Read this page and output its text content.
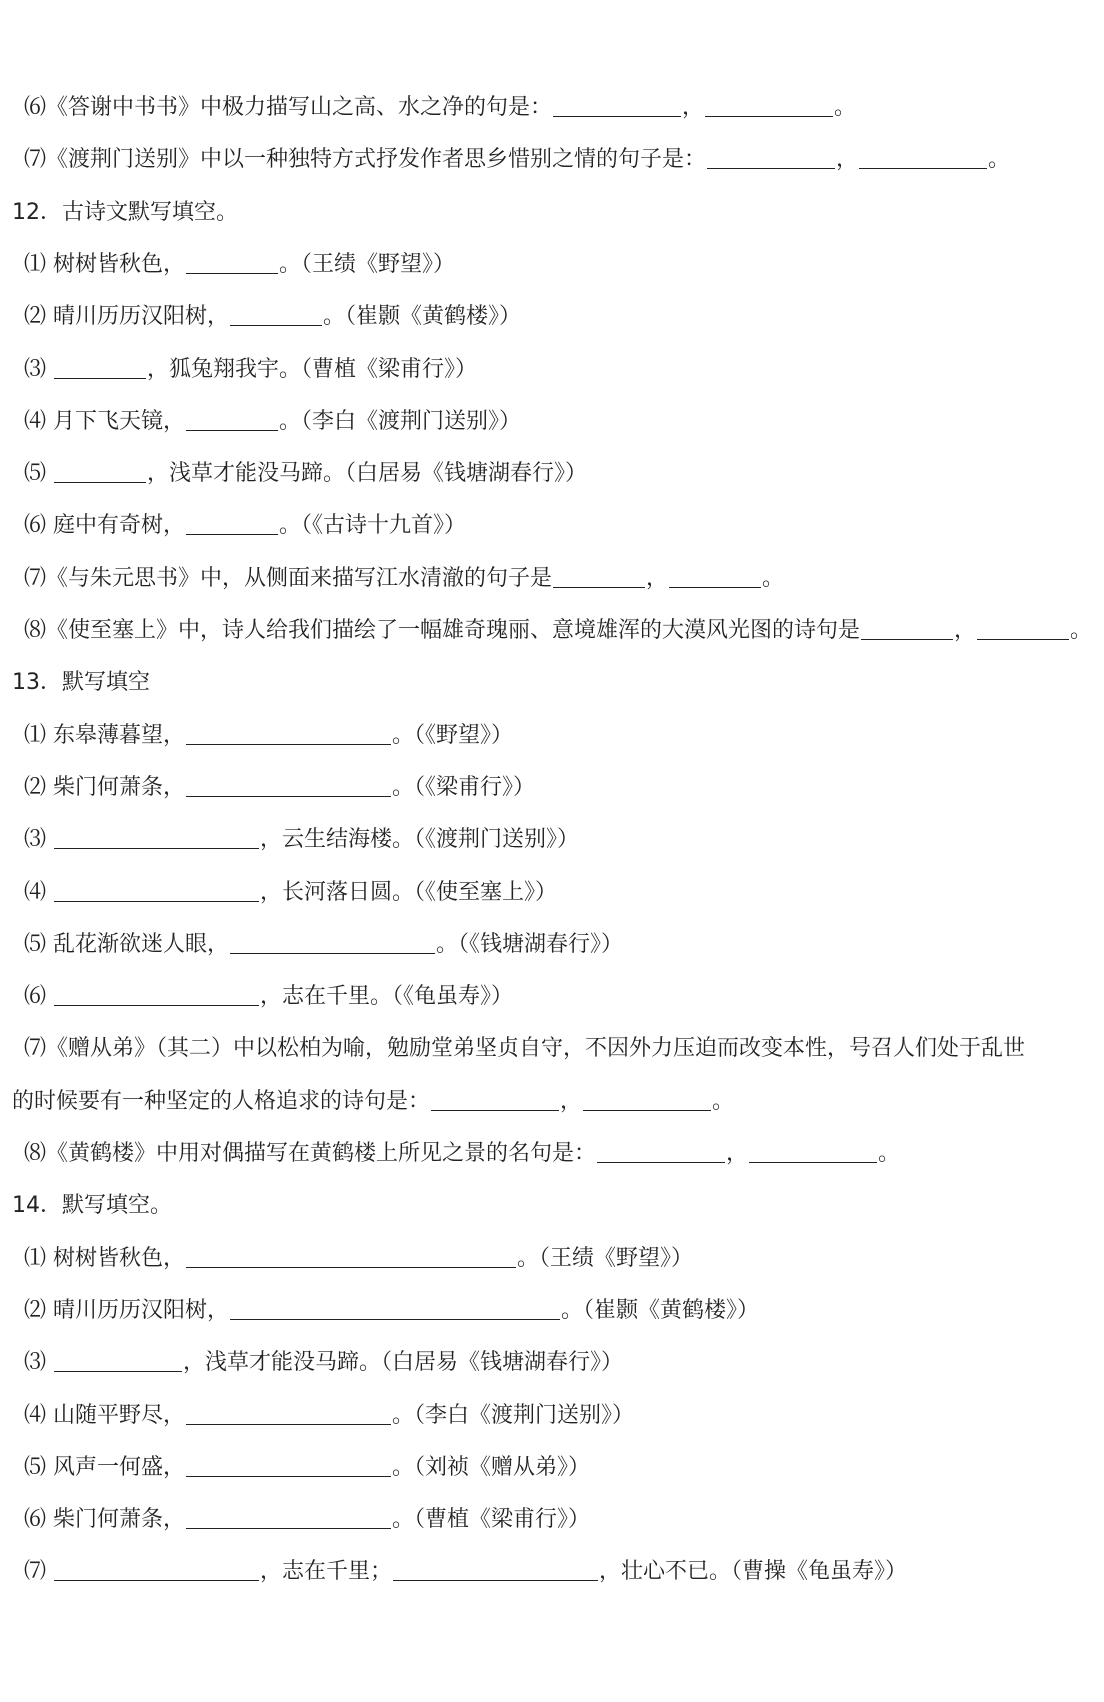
⑹《答谢中书书》中极力描写山之高、水之净的句是：	，	。
⑺《渡荆门送别》中以一种独特方式抒发作者思乡惜别之情的句子是：	，	。
12．古诗文默写填空。
⑴ 树树皆秋色，	。（王绩《野望》）
⑵ 晴川历历汉阳树，	。（崔颢《黄鹤楼》）
⑶	，狐兔翔我宇。（曹植《梁甫行》）
⑷ 月下飞天镜，	。（李白《渡荆门送别》）
⑸	，浅草才能没马蹄。（白居易《钱塘湖春行》）
⑹ 庭中有奇树，	。（《古诗十九首》）
⑺《与朱元思书》中，从侧面来描写江水清澈的句子是	，	。
⑻《使至塞上》中，诗人给我们描绘了一幅雄奇瑰丽、意境雄浑的大漠风光图的诗句是	，	。
13．默写填空
⑴ 东皋薄暮望，	。（《野望》）
⑵ 柴门何萧条，	。（《梁甫行》）
⑶	，云生结海楼。（《渡荆门送别》）
⑷	，长河落日圆。（《使至塞上》）
⑸ 乱花渐欲迷人眼，	。（《钱塘湖春行》）
⑹	，志在千里。（《龟虽寿》）
⑺《赠从弟》（其二）中以松柏为喻，勉励堂弟坚贞自守，不因外力压迫而改变本性，号召人们处于乱世
的时候要有一种坚定的人格追求的诗句是：	，	。
⑻《黄鹤楼》中用对偶描写在黄鹤楼上所见之景的名句是：	，	。
14．默写填空。
⑴ 树树皆秋色，	。（王绩《野望》）
⑵ 晴川历历汉阳树，	。（崔颢《黄鹤楼》）
⑶	，浅草才能没马蹄。（白居易《钱塘湖春行》）
⑷ 山随平野尽，	。（李白《渡荆门送别》）
⑸ 风声一何盛，	。（刘祯《赠从弟》）
⑹ 柴门何萧条，	。（曹植《梁甫行》）
⑺	，志在千里；	，壮心不已。（曹操《龟虽寿》）
